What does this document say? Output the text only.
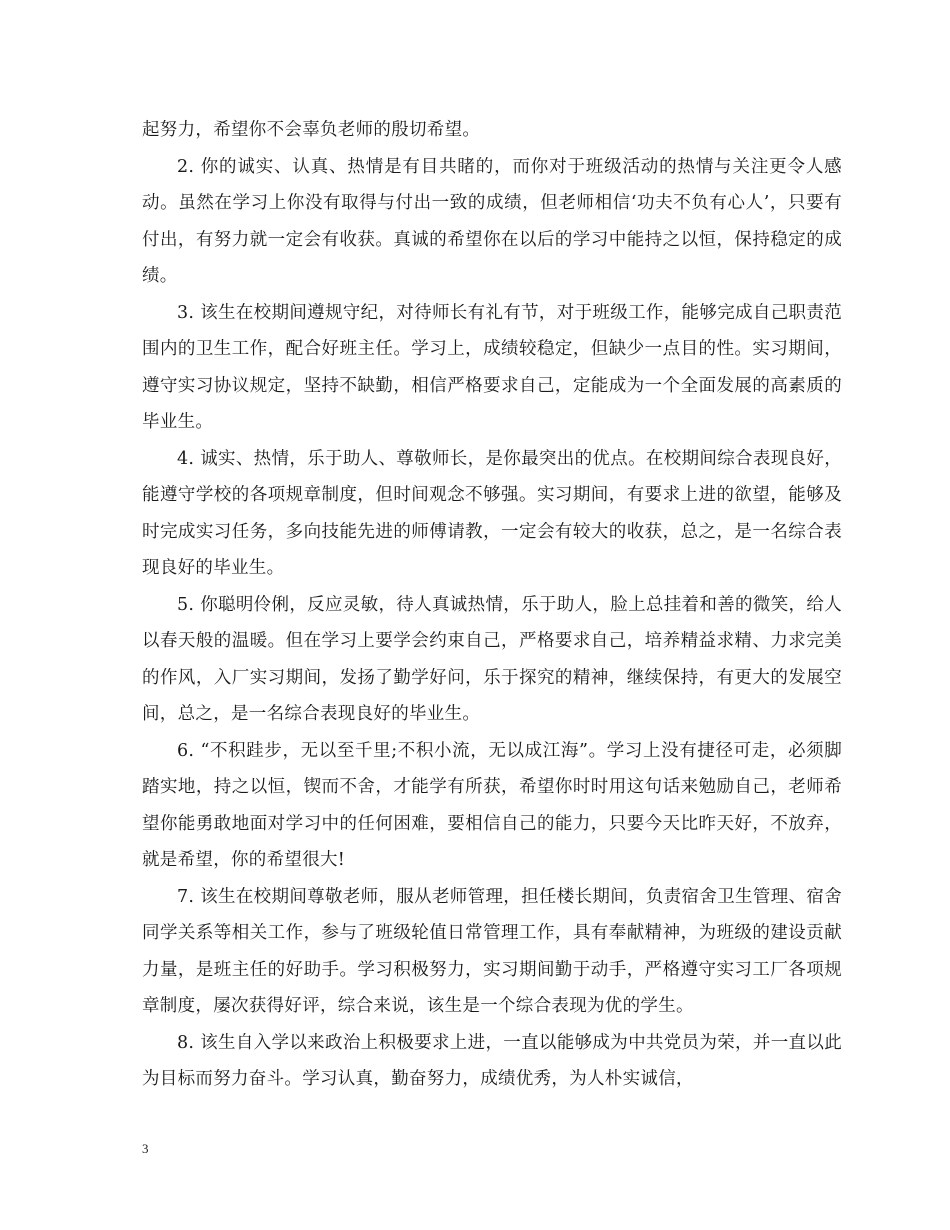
起努力，希望你不会辜负老师的殷切希望。

2. 你的诚实、认真、热情是有目共睹的，而你对于班级活动的热情与关注更令人感动。虽然在学习上你没有取得与付出一致的成绩，但老师相信‘功夫不负有心人’，只要有付出，有努力就一定会有收获。真诚的希望你在以后的学习中能持之以恒，保持稳定的成绩。

3. 该生在校期间遵规守纪，对待师长有礼有节，对于班级工作，能够完成自己职责范围内的卫生工作，配合好班主任。学习上，成绩较稳定，但缺少一点目的性。实习期间，遵守实习协议规定，坚持不缺勤，相信严格要求自己，定能成为一个全面发展的高素质的毕业生。

4. 诚实、热情，乐于助人、尊敬师长，是你最突出的优点。在校期间综合表现良好，能遵守学校的各项规章制度，但时间观念不够强。实习期间，有要求上进的欲望，能够及时完成实习任务，多向技能先进的师傅请教，一定会有较大的收获，总之，是一名综合表现良好的毕业生。

5. 你聪明伶俐，反应灵敏，待人真诚热情，乐于助人，脸上总挂着和善的微笑，给人以春天般的温暖。但在学习上要学会约束自己，严格要求自己，培养精益求精、力求完美的作风，入厂实习期间，发扬了勤学好问，乐于探究的精神，继续保持，有更大的发展空间，总之，是一名综合表现良好的毕业生。

6. “不积跬步，无以至千里;不积小流，无以成江海”。学习上没有捷径可走，必须脚踏实地，持之以恒，锲而不舍，才能学有所获，希望你时时用这句话来勉励自己，老师希望你能勇敢地面对学习中的任何困难，要相信自己的能力，只要今天比昨天好，不放弃，就是希望，你的希望很大!

7. 该生在校期间尊敬老师，服从老师管理，担任楼长期间，负责宿舍卫生管理、宿舍同学关系等相关工作，参与了班级轮值日常管理工作，具有奉献精神，为班级的建设贡献力量，是班主任的好助手。学习积极努力，实习期间勤于动手，严格遵守实习工厂各项规章制度，屡次获得好评，综合来说，该生是一个综合表现为优的学生。

8. 该生自入学以来政治上积极要求上进，一直以能够成为中共党员为荣，并一直以此为目标而努力奋斗。学习认真，勤奋努力，成绩优秀，为人朴实诚信，

3
